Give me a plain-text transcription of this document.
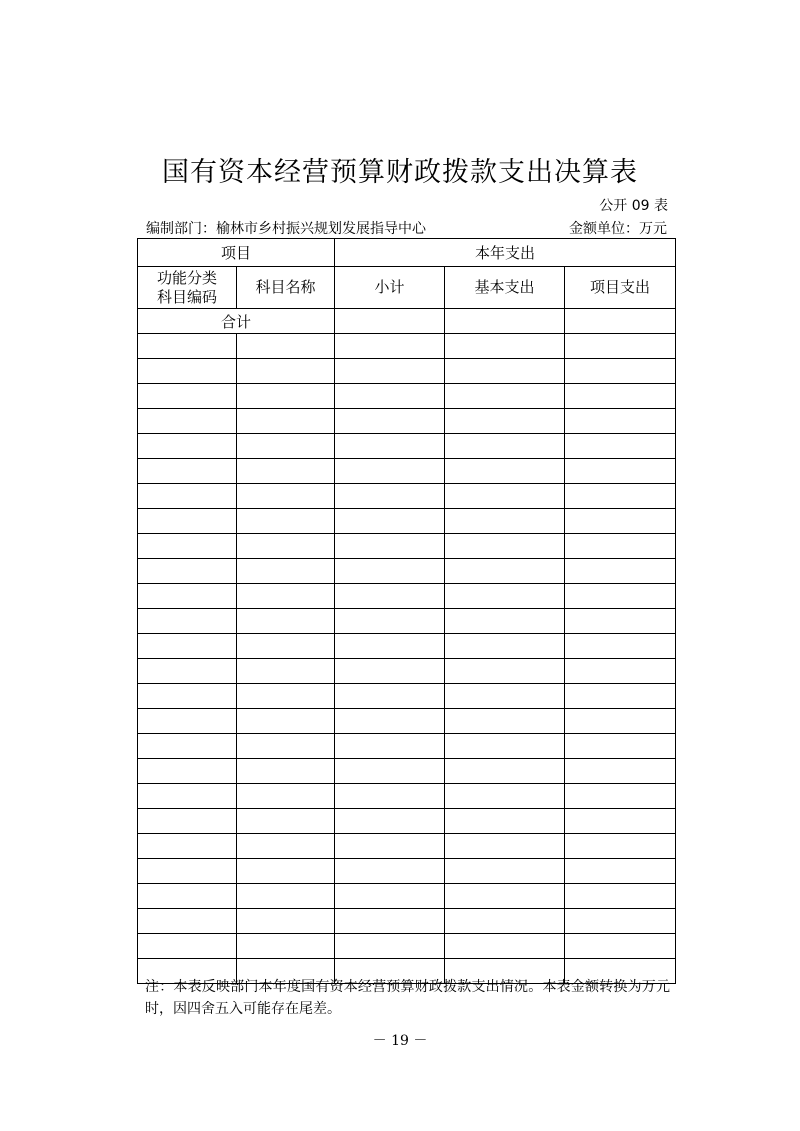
国有资本经营预算财政拨款支出决算表
公开 09 表
编制部门：榆林市乡村振兴规划发展指导中心	金额单位：万元
项目		本年支出		
功能分类科目编码	科目名称	小计	基本支出	项目支出
合计				

注：本表反映部门本年度国有资本经营预算财政拨款支出情况。本表金额转换为万元时，因四舍五入可能存在尾差。
－ 19 －
